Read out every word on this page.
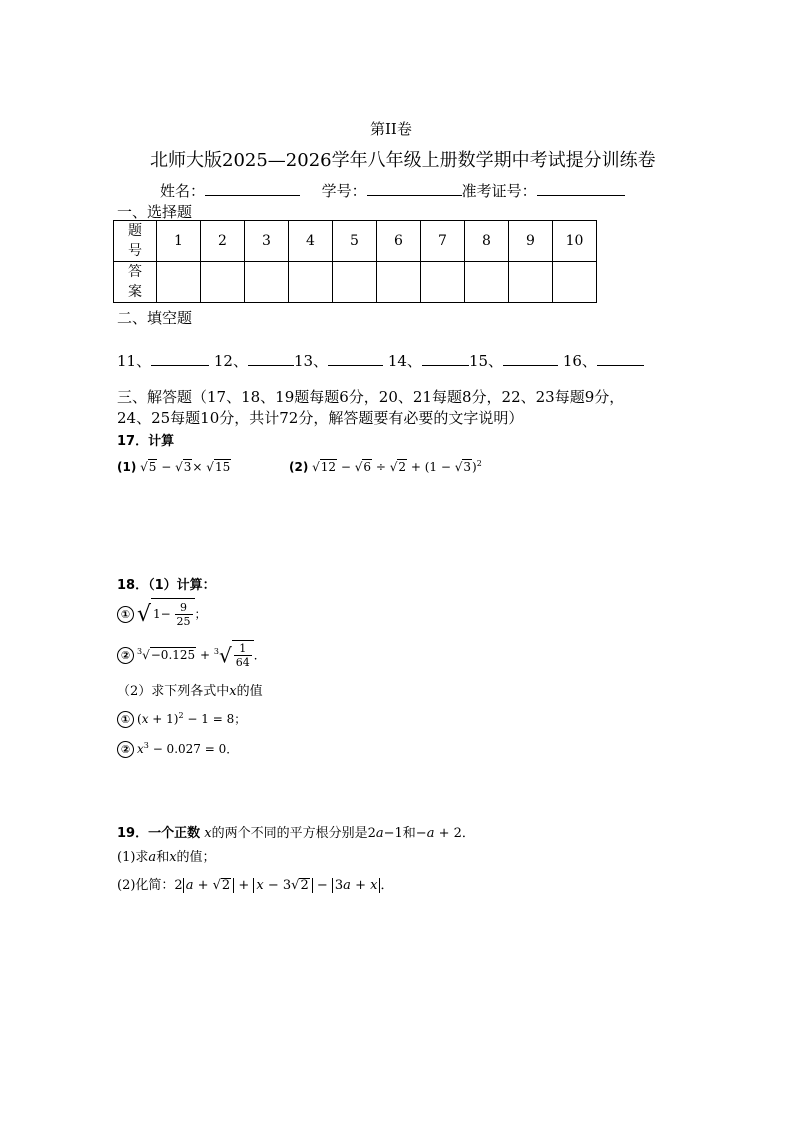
第II卷
北师大版2025—2026学年八年级上册数学期中考试提分训练卷
姓名：	学号：	准考证号：
一、选择题
题
号	1	2	3	4	5	6	7	8	9	10

答
案										

二、填空题
11、	12、	13、	14、	15、	16、
三、解答题（17、18、19题每题6分，20、21每题8分，22、23每题9分，
24、25每题10分，共计72分，解答题要有必要的文字说明）
17．计算
(1) √5 − √3× √15	(2) $√12 - √6 \div √2 + (1 - √3)^2$
18．（1）计算：
① √ $1- \frac{9}{25}$ ；
② $^3√-0.125 + ^3√ \frac{1}{64}$ ．
（2）求下列各式中x的值
① $(x + 1)^2 - 1 = 8$；
② $x^3 - 0.027 = 0$．
19．一个正数 x的两个不同的平方根分别是2a−1和−a + 2．
(1)求a和x的值；
(2)化简：2 a + √2 + x − 3√2 − 3a + x ．
